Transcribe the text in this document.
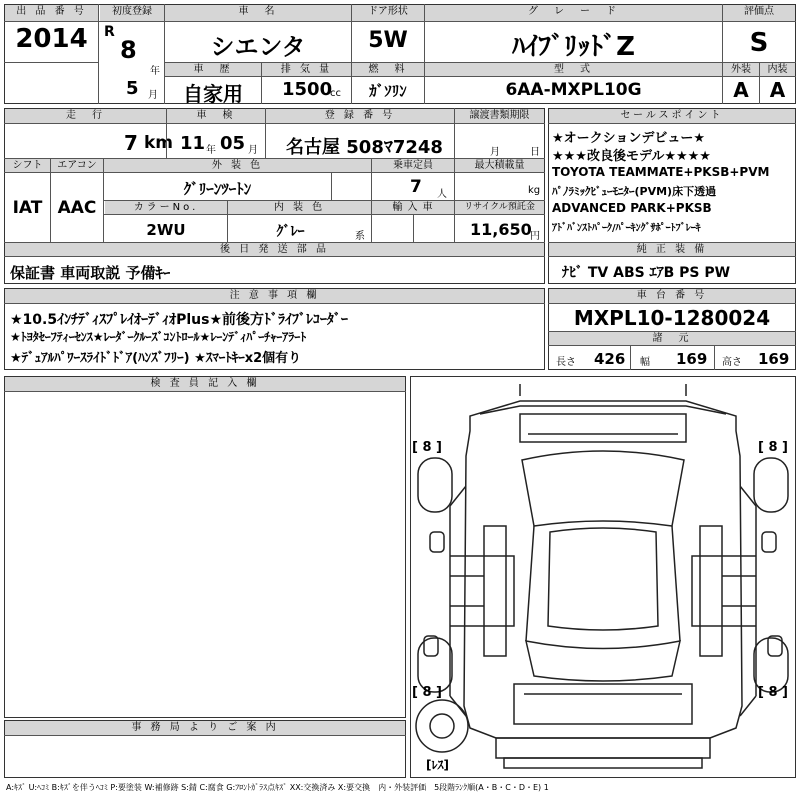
出 品 番 号
2014
初度登録
R
8
年
5 月
車　名
シエンタ
ドア形状
5W
グ　レ　ー　ド
ﾊｲﾌﾞﾘｯﾄﾞZ
評価点
S
車　歴
自家用
排 気 量
1500
cc
燃　料
ｶﾞｿﾘﾝ
型　式
6AA-MXPL10G
外装	内装
A	A
走　行
7 km
車　検
11 年 05 月
登 録 番 号
名古屋 508ﾏ7248
譲渡書類期限
月	日
シフト	エアコン
IAT AAC
外 装 色
ｸﾞﾘｰﾝﾂｰﾄﾝ
乗車定員
7 人
最大積載量
kg
カラーNo.
2WU
内 装 色
ｸﾞﾚｰ	系
輸 入 車	リサイクル預託金
11,650
円
後 日 発 送 部 品
保証書 車両取説 予備ｷｰ
セールスポイント
★オークションデビュー★
★★★改良後モデル★★★★
TOYOTA TEAMMATE+PKSB+PVM
ﾊﾟﾉﾗﾐｯｸﾋﾞｭｰﾓﾆﾀｰ(PVM)床下透過
ADVANCED PARK+PKSB
ｱﾄﾞﾊﾞﾝｽﾄﾊﾟｰｸ/ﾊﾟｰｷﾝｸﾞｻﾎﾟｰﾄﾌﾞﾚｰｷ
純 正 装 備
ﾅﾋﾞ TV ABS ｴｱB PS PW
注 意 事 項 欄
★10.5ｲﾝﾁﾃﾞｨｽﾌﾟﾚｲｵｰﾃﾞｨｵPlus★前後方ﾄﾞﾗｲﾌﾞﾚｺｰﾀﾞｰ
★ﾄﾖﾀｾｰﾌﾃｨｰｾﾝｽ★ﾚｰﾀﾞｰｸﾙｰｽﾞｺﾝﾄﾛｰﾙ★ﾚｰﾝﾃﾞｨﾊﾟｰﾁｬｰｱﾗｰﾄ
★ﾃﾞｭｱﾙﾊﾟﾜｰｽﾗｲﾄﾞﾄﾞｱ(ﾊﾝｽﾞﾌﾘｰ) ★ｽﾏｰﾄｷｰx2個有り
車 台 番 号
MXPL10-1280024
諸　元
長さ 426 幅 169 高さ 169
検 査 員 記 入 欄
事 務 局 よ り ご 案 内
[ 8 ]	[ 8 ]
[ 8 ]	[ 8 ]
[ﾚｽ]
A:ｷｽﾞ U:ﾍｺﾐ B:ｷｽﾞを伴うﾍｺﾐ P:要塗装 W:補修跡 S:錆 C:腐食 G:ﾌﾛﾝﾄｶﾞﾗｽ点ｷｽﾞ XX:交換済み X:要交換　内・外装評価　5段階ﾗﾝｸ順(A・B・C・D・E) 1
